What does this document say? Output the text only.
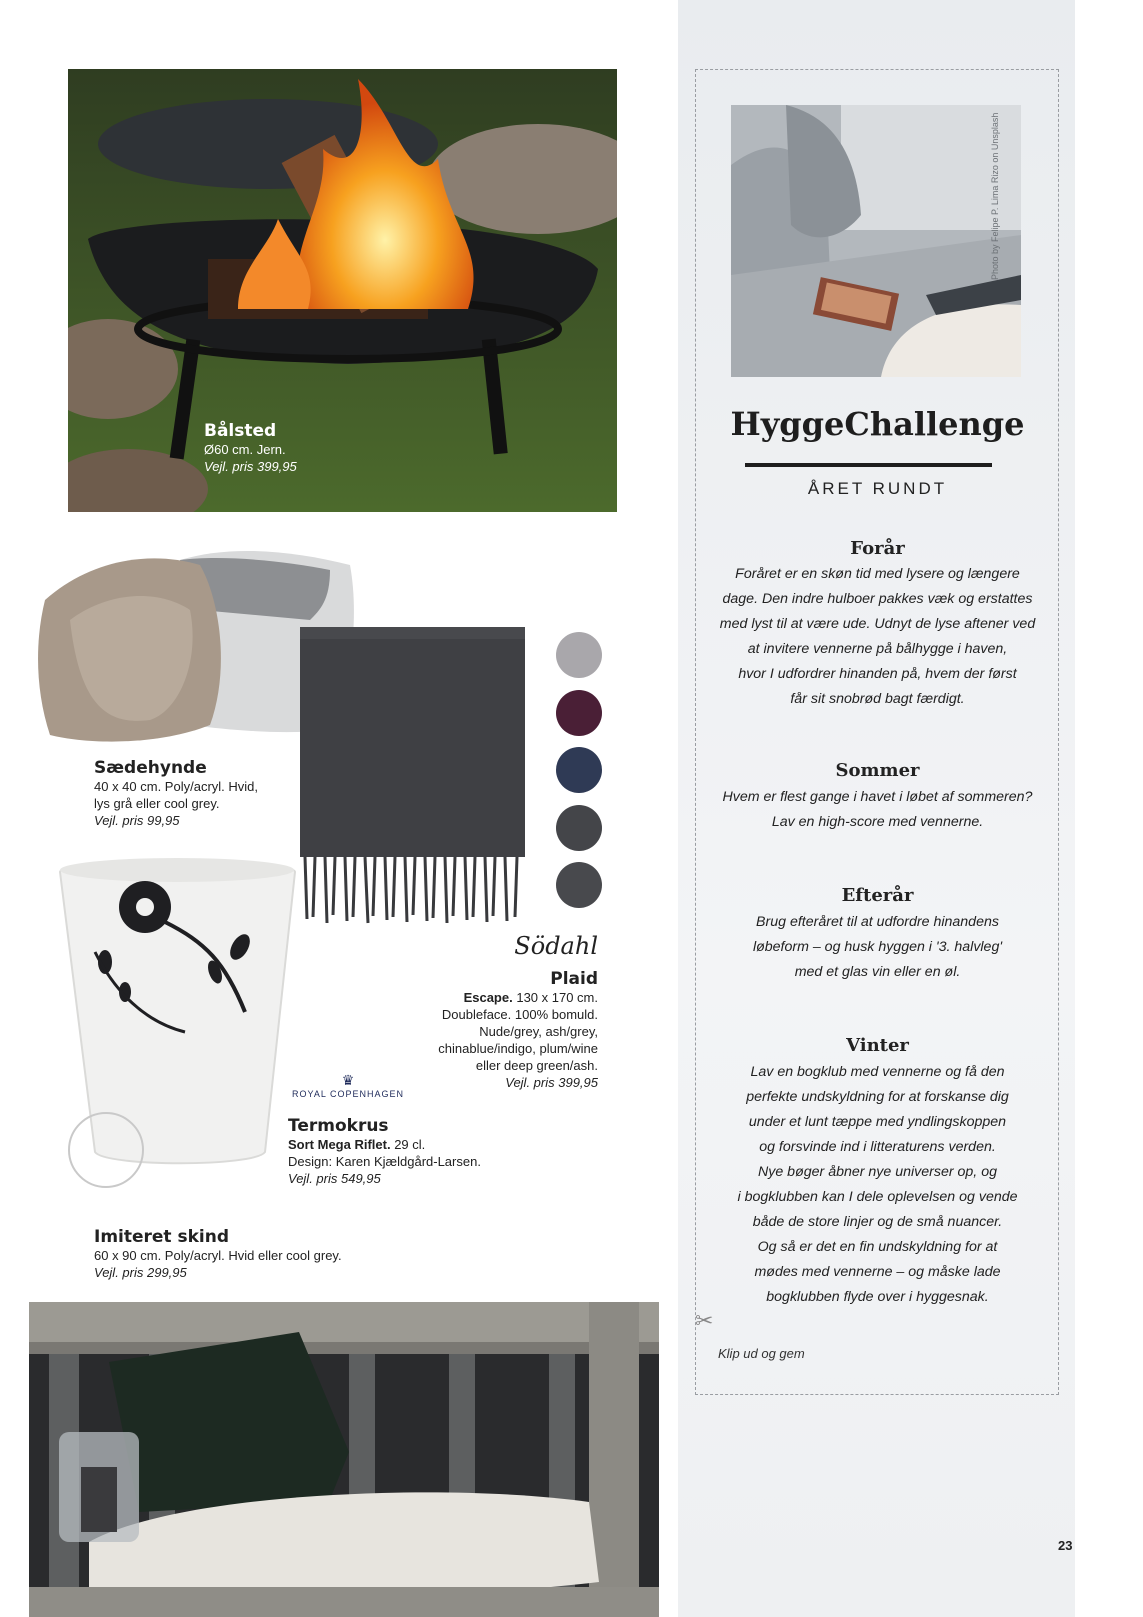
Photo by Felipe P. Lima Rizo on Unsplash
HyggeChallenge
ÅRET RUNDT
Forår
Foråret er en skøn tid med lysere og længere
dage. Den indre hulboer pakkes væk og erstattes
med lyst til at være ude. Udnyt de lyse aftener ved
at invitere vennerne på bålhygge i haven,
hvor I udfordrer hinanden på, hvem der først
får sit snobrød bagt færdigt.
Sommer
Hvem er flest gange i havet i løbet af sommeren?
Lav en high-score med vennerne.
Efterår
Brug efteråret til at udfordre hinandens
løbeform – og husk hyggen i '3. halvleg'
med et glas vin eller en øl.
Vinter
Lav en bogklub med vennerne og få den
perfekte undskyldning for at forskanse dig
under et lunt tæppe med yndlingskoppen
og forsvinde ind i litteraturens verden.
Nye bøger åbner nye universer op, og
i bogklubben kan I dele oplevelsen og vende
både de store linjer og de små nuancer.
Og så er det en fin undskyldning for at
mødes med vennerne – og måske lade
bogklubben flyde over i hyggesnak.
✂
Klip ud og gem
23
Bålsted
Ø60 cm. Jern.
Vejl. pris 399,95
Sædehynde
40 x 40 cm. Poly/acryl. Hvid,
lys grå eller cool grey.
Vejl. pris 99,95
Södahl
Plaid
Escape. 130 x 170 cm.
Doubleface. 100% bomuld.
Nude/grey, ash/grey,
chinablue/indigo, plum/wine
eller deep green/ash.
Vejl. pris 399,95
♛
ROYAL COPENHAGEN
Termokrus
Sort Mega Riflet. 29 cl.
Design: Karen Kjældgård-Larsen.
Vejl. pris 549,95
Imiteret skind
60 x 90 cm. Poly/acryl. Hvid eller cool grey.
Vejl. pris 299,95
